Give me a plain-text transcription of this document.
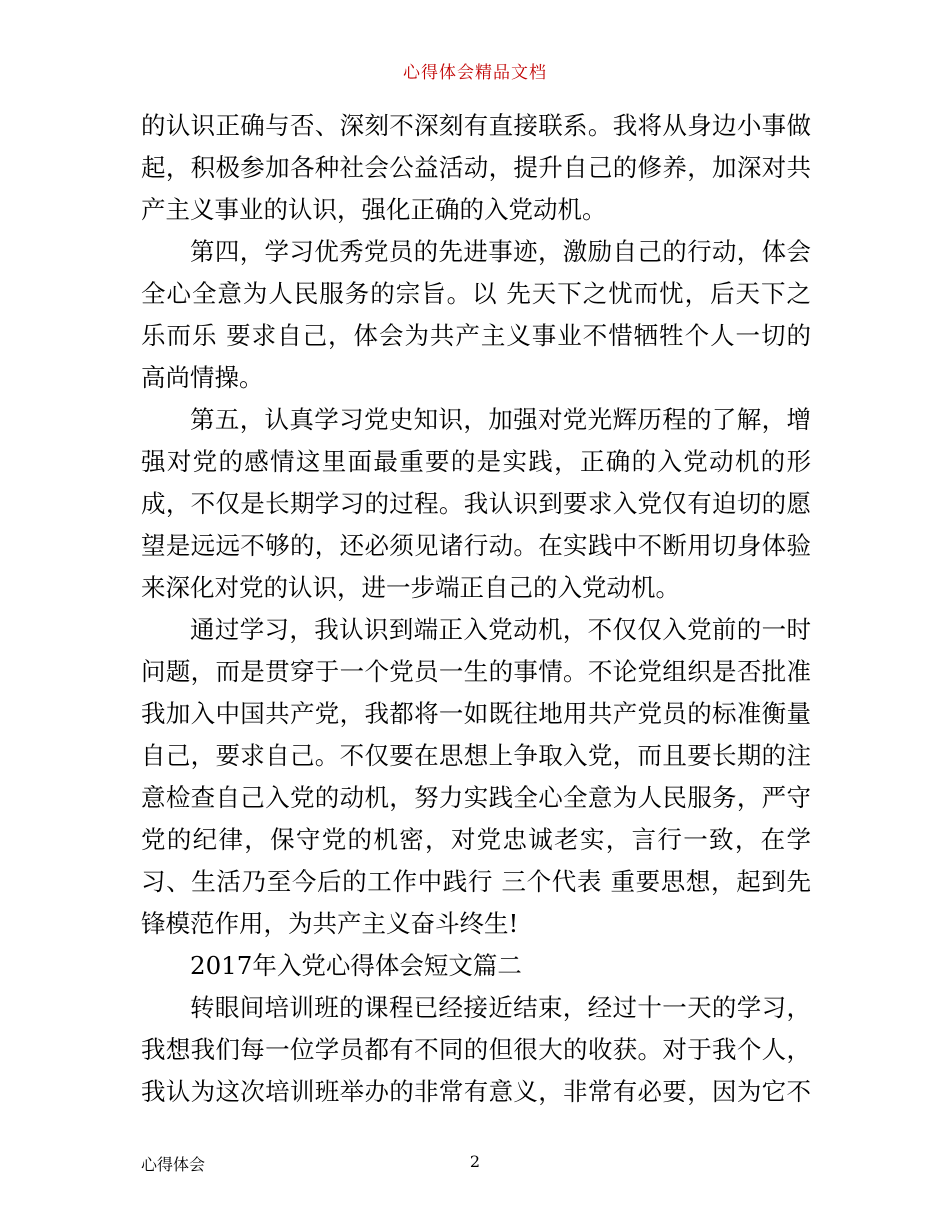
心得体会精品文档
的认识正确与否、深刻不深刻有直接联系。我将从身边小事做
起，积极参加各种社会公益活动，提升自己的修养，加深对共
产主义事业的认识，强化正确的入党动机。
第四，学习优秀党员的先进事迹，激励自己的行动，体会
全心全意为人民服务的宗旨。以 先天下之忧而忧，后天下之
乐而乐 要求自己，体会为共产主义事业不惜牺牲个人一切的
高尚情操。
第五，认真学习党史知识，加强对党光辉历程的了解，增
强对党的感情这里面最重要的是实践，正确的入党动机的形
成，不仅是长期学习的过程。我认识到要求入党仅有迫切的愿
望是远远不够的，还必须见诸行动。在实践中不断用切身体验
来深化对党的认识，进一步端正自己的入党动机。
通过学习，我认识到端正入党动机，不仅仅入党前的一时
问题，而是贯穿于一个党员一生的事情。不论党组织是否批准
我加入中国共产党，我都将一如既往地用共产党员的标准衡量
自己，要求自己。不仅要在思想上争取入党，而且要长期的注
意检查自己入党的动机，努力实践全心全意为人民服务，严守
党的纪律，保守党的机密，对党忠诚老实，言行一致，在学
习、生活乃至今后的工作中践行 三个代表 重要思想，起到先
锋模范作用，为共产主义奋斗终生!
2017年入党心得体会短文篇二
转眼间培训班的课程已经接近结束，经过十一天的学习，
我想我们每一位学员都有不同的但很大的收获。对于我个人，
我认为这次培训班举办的非常有意义，非常有必要，因为它不
心得体会	2
